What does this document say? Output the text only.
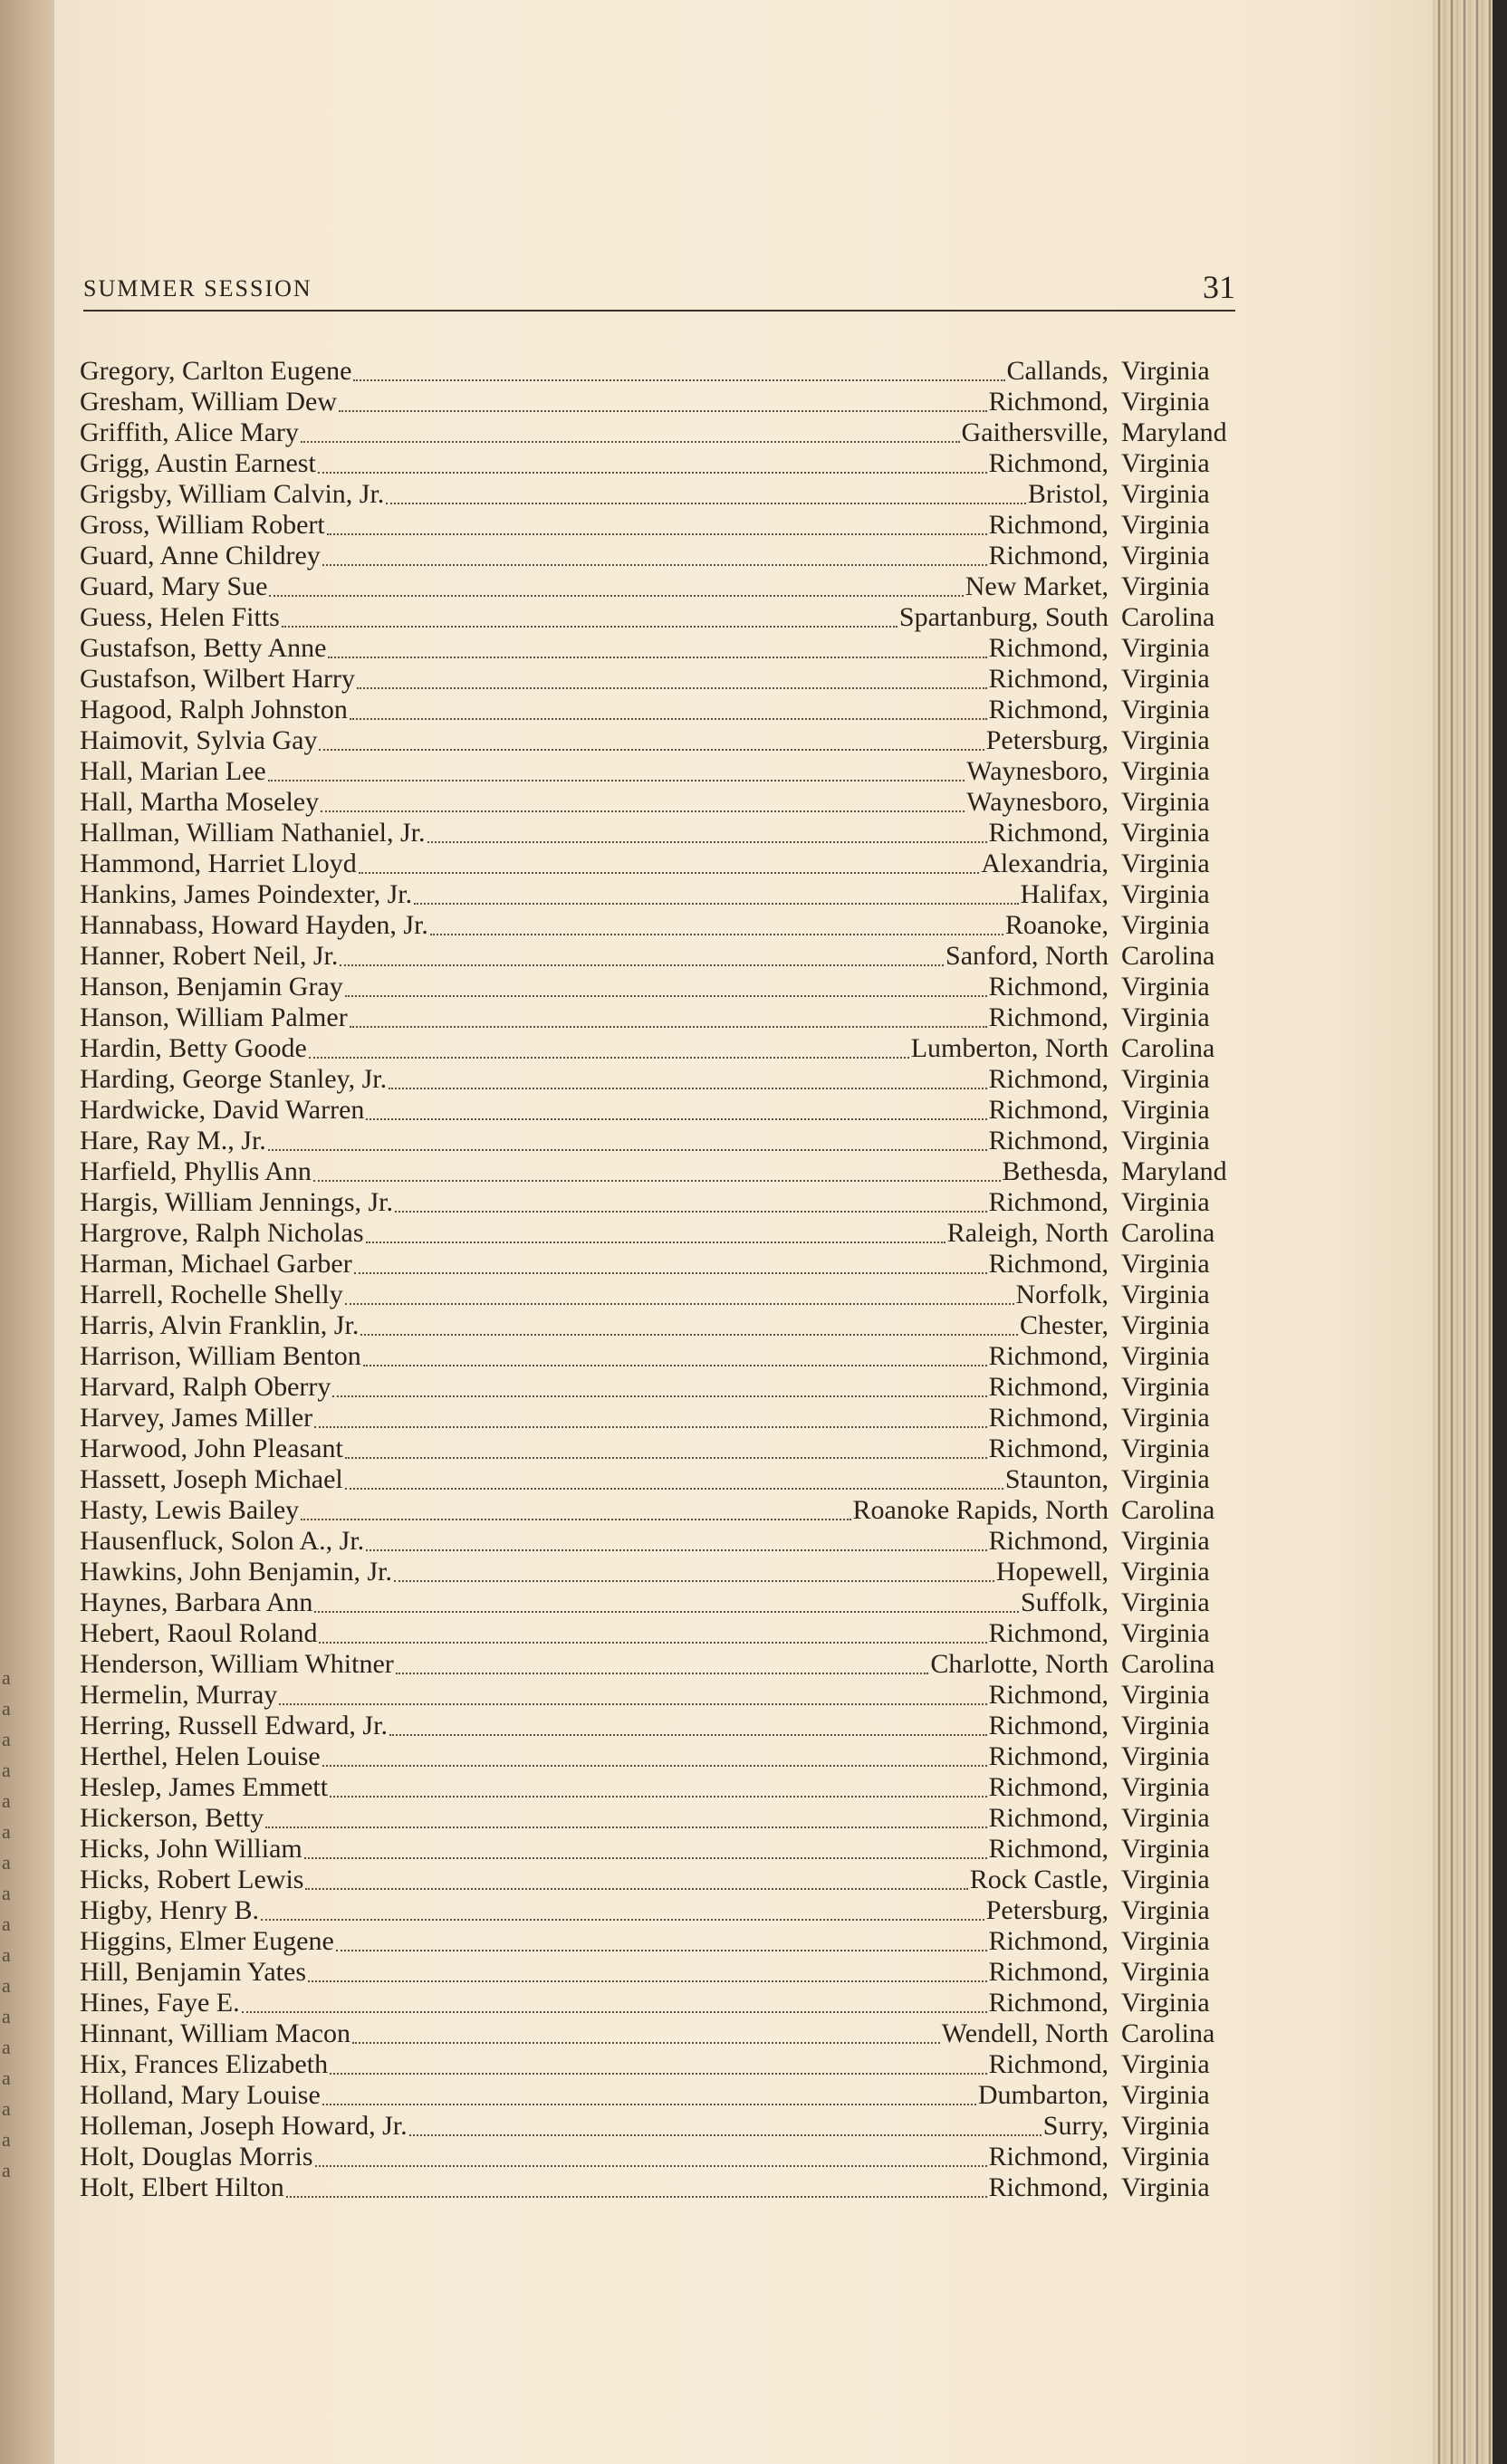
a
a
a
a
a
a
a
a
a
a
a
a
a
a
a
a
a
SUMMER SESSION	31
Gregory, Carlton Eugene	Callands, Virginia
Gresham, William Dew	Richmond, Virginia
Griffith, Alice Mary	Gaithersville, Maryland
Grigg, Austin Earnest	Richmond, Virginia
Grigsby, William Calvin, Jr.	Bristol, Virginia
Gross, William Robert	Richmond, Virginia
Guard, Anne Childrey	Richmond, Virginia
Guard, Mary Sue	New Market, Virginia
Guess, Helen Fitts	Spartanburg, South Carolina
Gustafson, Betty Anne	Richmond, Virginia
Gustafson, Wilbert Harry	Richmond, Virginia
Hagood, Ralph Johnston	Richmond, Virginia
Haimovit, Sylvia Gay	Petersburg, Virginia
Hall, Marian Lee	Waynesboro, Virginia
Hall, Martha Moseley	Waynesboro, Virginia
Hallman, William Nathaniel, Jr.	Richmond, Virginia
Hammond, Harriet Lloyd	Alexandria, Virginia
Hankins, James Poindexter, Jr.	Halifax, Virginia
Hannabass, Howard Hayden, Jr.	Roanoke, Virginia
Hanner, Robert Neil, Jr.	Sanford, North Carolina
Hanson, Benjamin Gray	Richmond, Virginia
Hanson, William Palmer	Richmond, Virginia
Hardin, Betty Goode	Lumberton, North Carolina
Harding, George Stanley, Jr.	Richmond, Virginia
Hardwicke, David Warren	Richmond, Virginia
Hare, Ray M., Jr.	Richmond, Virginia
Harfield, Phyllis Ann	Bethesda, Maryland
Hargis, William Jennings, Jr.	Richmond, Virginia
Hargrove, Ralph Nicholas	Raleigh, North Carolina
Harman, Michael Garber	Richmond, Virginia
Harrell, Rochelle Shelly	Norfolk, Virginia
Harris, Alvin Franklin, Jr.	Chester, Virginia
Harrison, William Benton	Richmond, Virginia
Harvard, Ralph Oberry	Richmond, Virginia
Harvey, James Miller	Richmond, Virginia
Harwood, John Pleasant	Richmond, Virginia
Hassett, Joseph Michael	Staunton, Virginia
Hasty, Lewis Bailey	Roanoke Rapids, North Carolina
Hausenfluck, Solon A., Jr.	Richmond, Virginia
Hawkins, John Benjamin, Jr.	Hopewell, Virginia
Haynes, Barbara Ann	Suffolk, Virginia
Hebert, Raoul Roland	Richmond, Virginia
Henderson, William Whitner	Charlotte, North Carolina
Hermelin, Murray	Richmond, Virginia
Herring, Russell Edward, Jr.	Richmond, Virginia
Herthel, Helen Louise	Richmond, Virginia
Heslep, James Emmett	Richmond, Virginia
Hickerson, Betty	Richmond, Virginia
Hicks, John William	Richmond, Virginia
Hicks, Robert Lewis	Rock Castle, Virginia
Higby, Henry B.	Petersburg, Virginia
Higgins, Elmer Eugene	Richmond, Virginia
Hill, Benjamin Yates	Richmond, Virginia
Hines, Faye E.	Richmond, Virginia
Hinnant, William Macon	Wendell, North Carolina
Hix, Frances Elizabeth	Richmond, Virginia
Holland, Mary Louise	Dumbarton, Virginia
Holleman, Joseph Howard, Jr.	Surry, Virginia
Holt, Douglas Morris	Richmond, Virginia
Holt, Elbert Hilton	Richmond, Virginia
